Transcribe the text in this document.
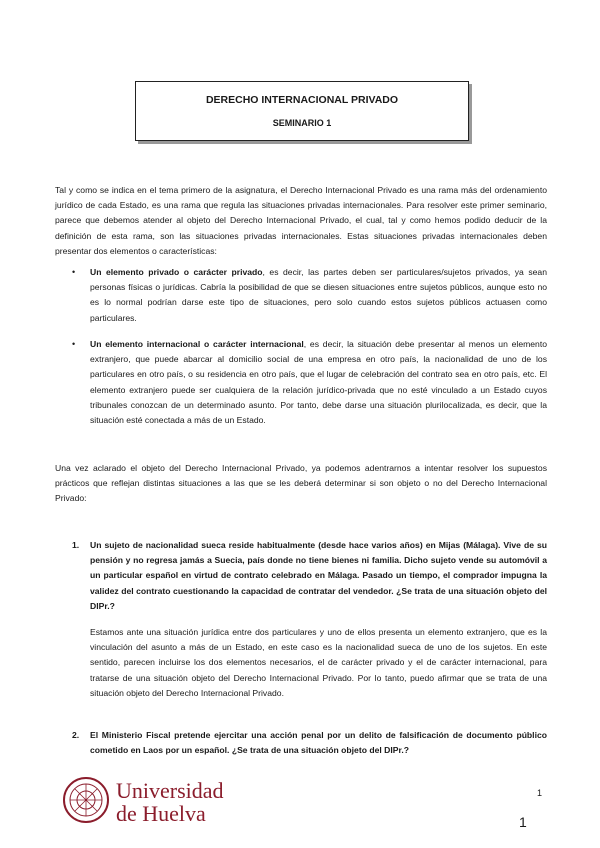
DERECHO INTERNACIONAL PRIVADO
SEMINARIO 1

Tal y como se indica en el tema primero de la asignatura, el Derecho Internacional Privado es una rama más del ordenamiento jurídico de cada Estado, es una rama que regula las situaciones privadas internacionales. Para resolver este primer seminario, parece que debemos atender al objeto del Derecho Internacional Privado, el cual, tal y como hemos podido deducir de la definición de esta rama, son las situaciones privadas internacionales. Estas situaciones privadas internacionales deben presentar dos elementos o características:

• Un elemento privado o carácter privado, es decir, las partes deben ser particulares/sujetos privados, ya sean personas físicas o jurídicas. Cabría la posibilidad de que se diesen situaciones entre sujetos públicos, aunque esto no es lo normal podrían darse este tipo de situaciones, pero solo cuando estos sujetos públicos actuasen como particulares.

• Un elemento internacional o carácter internacional, es decir, la situación debe presentar al menos un elemento extranjero, que puede abarcar al domicilio social de una empresa en otro país, la nacionalidad de uno de los particulares en otro país, o su residencia en otro país, que el lugar de celebración del contrato sea en otro país, etc. El elemento extranjero puede ser cualquiera de la relación jurídico-privada que no esté vinculado a un Estado cuyos tribunales conozcan de un determinado asunto. Por tanto, debe darse una situación plurilocalizada, es decir, que la situación esté conectada a más de un Estado.

Una vez aclarado el objeto del Derecho Internacional Privado, ya podemos adentrarnos a intentar resolver los supuestos prácticos que reflejan distintas situaciones a las que se les deberá determinar si son objeto o no del Derecho Internacional Privado:

1. Un sujeto de nacionalidad sueca reside habitualmente (desde hace varios años) en Mijas (Málaga). Vive de su pensión y no regresa jamás a Suecia, país donde no tiene bienes ni familia. Dicho sujeto vende su automóvil a un particular español en virtud de contrato celebrado en Málaga. Pasado un tiempo, el comprador impugna la validez del contrato cuestionando la capacidad de contratar del vendedor. ¿Se trata de una situación objeto del DIPr.?

Estamos ante una situación jurídica entre dos particulares y uno de ellos presenta un elemento extranjero, que es la vinculación del asunto a más de un Estado, en este caso es la nacionalidad sueca de uno de los sujetos. En este sentido, parecen incluirse los dos elementos necesarios, el de carácter privado y el de carácter internacional, para tratarse de una situación objeto del Derecho Internacional Privado. Por lo tanto, puedo afirmar que se trata de una situación objeto del Derecho Internacional Privado.

2. El Ministerio Fiscal pretende ejercitar una acción penal por un delito de falsificación de documento público cometido en Laos por un español. ¿Se trata de una situación objeto del DIPr.?

Universidad
de Huelva
1
1
